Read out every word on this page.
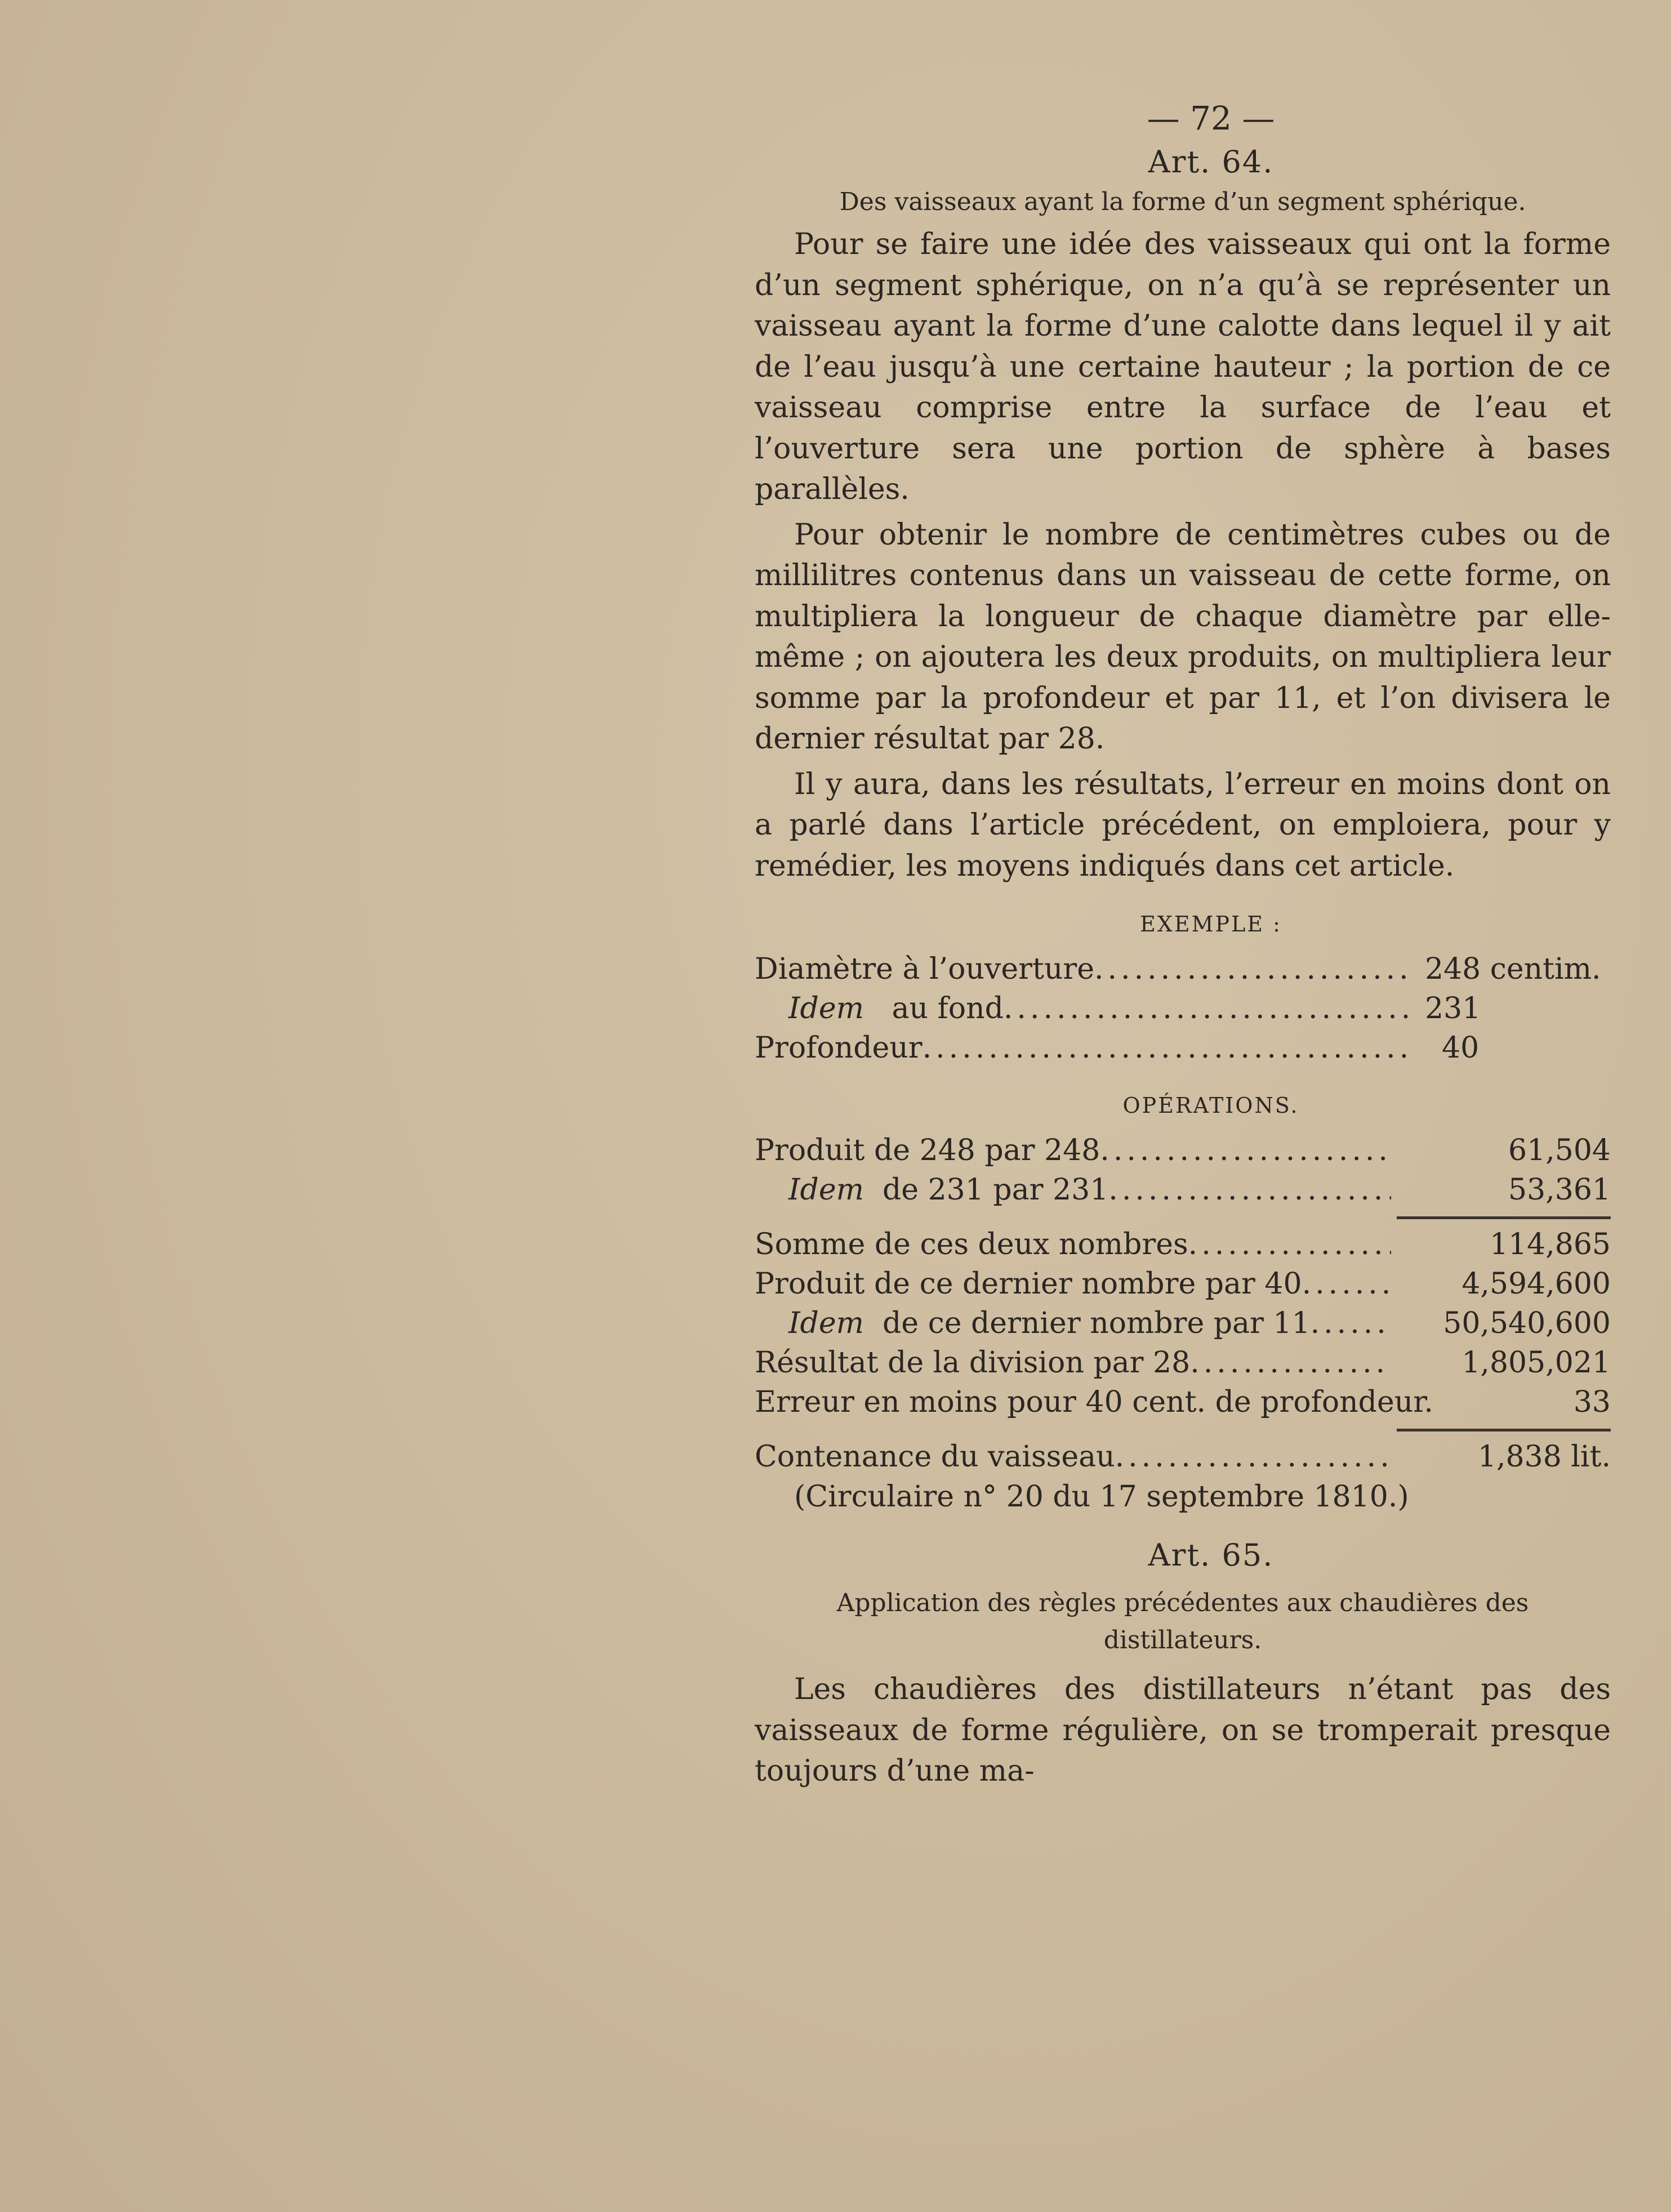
— 72 —
Art. 64.
Des vaisseaux ayant la forme d’un segment sphérique.

Pour se faire une idée des vaisseaux qui ont la forme d’un segment sphérique, on n’a qu’à se représenter un vaisseau ayant la forme d’une calotte dans lequel il y ait de l’eau jusqu’à une certaine hauteur ; la portion de ce vaisseau comprise entre la surface de l’eau et l’ouverture sera une portion de sphère à bases parallèles.

Pour obtenir le nombre de centimètres cubes ou de millilitres contenus dans un vaisseau de cette forme, on multipliera la longueur de chaque diamètre par elle-même ; on ajoutera les deux produits, on multipliera leur somme par la profondeur et par 11, et l’on divisera le dernier résultat par 28.

Il y aura, dans les résultats, l’erreur en moins dont on a parlé dans l’article précédent, on emploiera, pour y remédier, les moyens indiqués dans cet article.

EXEMPLE :
Diamètre à l’ouverture .....	248 centim.
Idem au fond .....	231
Profondeur .....	40
OPÉRATIONS.
Produit de 248 par 248 .....	61,504
Idem de 231 par 231 .....	53,361
Somme de ces deux nombres .....	114,865
Produit de ce dernier nombre par 40 .....	4,594,600
Idem de ce dernier nombre par 11 .....	50,540,600
Résultat de la division par 28 .....	1,805,021
Erreur en moins pour 40 cent. de profondeur.	33
Contenance du vaisseau .....	1,838 lit.
(Circulaire n° 20 du 17 septembre 1810.)
Art. 65.
Application des règles précédentes aux chaudières des distillateurs.

Les chaudières des distillateurs n’étant pas des vaisseaux de forme régulière, on se tromperait presque toujours d’une ma-
